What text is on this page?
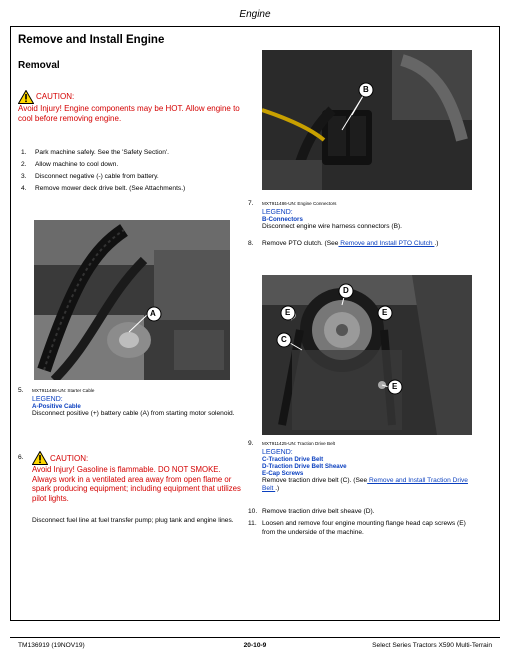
Engine
Remove and Install Engine
Removal
CAUTION:
Avoid Injury! Engine components may be HOT. Allow engine to cool before removing engine.
1.	Park machine safely. See the 'Safety Section'.
2.	Allow machine to cool down.
3.	Disconnect negative (-) cable from battery.
4.	Remove mower deck drive belt. (See Attachments.)
A
5.	MXT911486-UN: Starter Cable
LEGEND:
A-Positive Cable
Disconnect positive (+) battery cable (A) from starting motor solenoid.
6.	CAUTION:
Avoid Injury! Gasoline is flammable. DO NOT SMOKE. Always work in a ventilated area away from open flame or spark producing equipment; including equipment that utilizes pilot lights.
Disconnect fuel line at fuel transfer pump; plug tank and engine lines.
B
7.	MXT911486-UN: Engine Connectors
LEGEND:
B-Connectors
Disconnect engine wire harness connectors (B).
8.	Remove PTO clutch. (See Remove and Install PTO Clutch .)
D
E	E
C
E
9.	MXT911425-UN: Traction Drive Belt
LEGEND:
C-Traction Drive Belt
D-Traction Drive Belt Sheave
E-Cap Screws
Remove traction drive belt (C). (See Remove and Install Traction Drive Belt .)
10. Remove traction drive belt sheave (D).
11. Loosen and remove four engine mounting flange head cap screws (E) from the underside of the machine.
TM136919 (19NOV19)	20-10-9	Select Series Tractors X590 Multi-Terrain
